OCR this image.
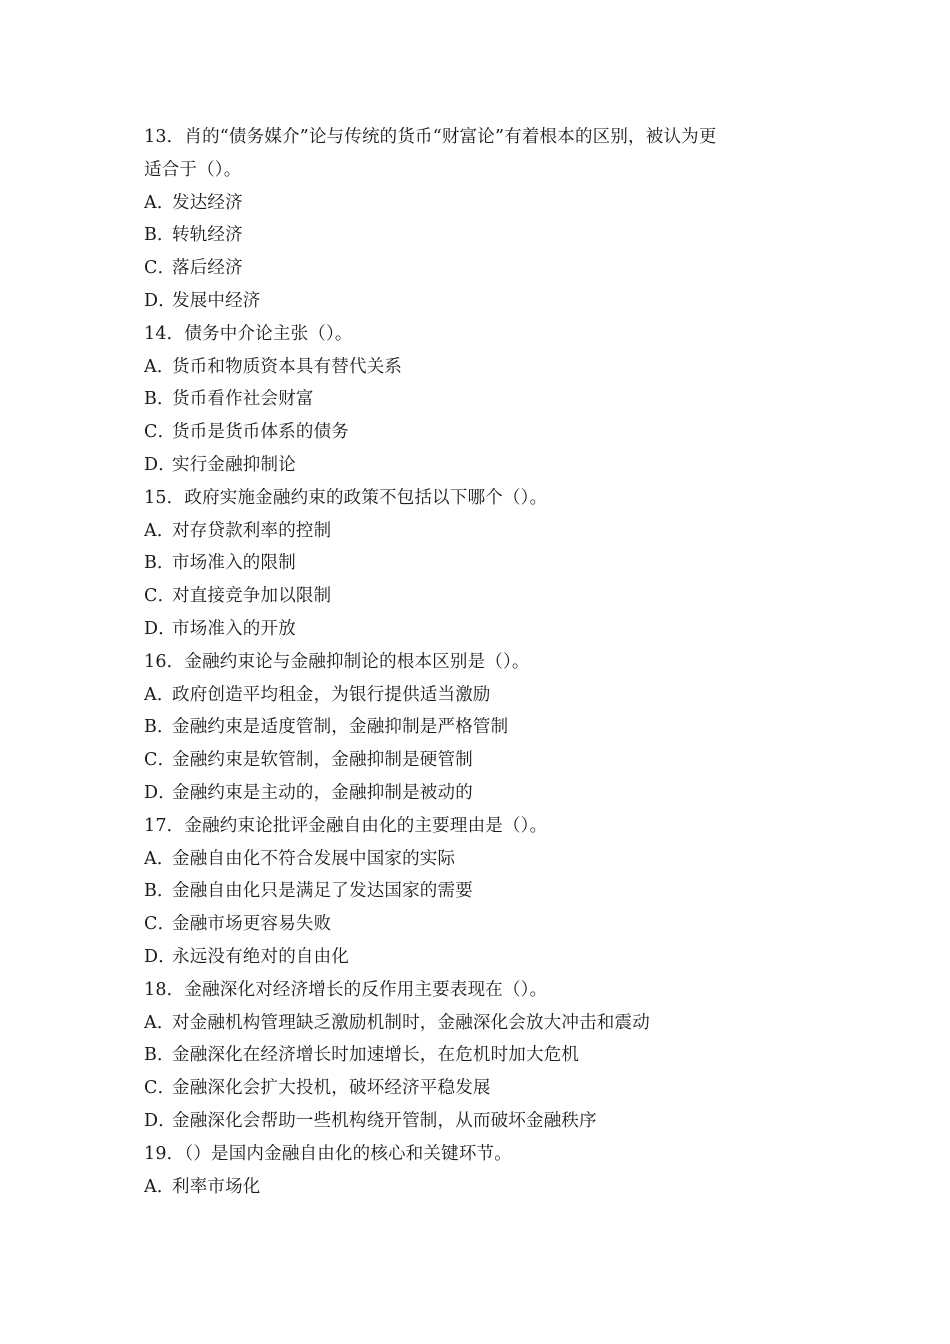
13．肖的“债务媒介”论与传统的货币“财富论”有着根本的区别，被认为更
适合于（）。
A．发达经济
B．转轨经济
C．落后经济
D．发展中经济
14．债务中介论主张（）。
A．货币和物质资本具有替代关系
B．货币看作社会财富
C．货币是货币体系的债务
D．实行金融抑制论
15．政府实施金融约束的政策不包括以下哪个（）。
A．对存贷款利率的控制
B．市场准入的限制
C．对直接竞争加以限制
D．市场准入的开放
16．金融约束论与金融抑制论的根本区别是（）。
A．政府创造平均租金，为银行提供适当激励
B．金融约束是适度管制，金融抑制是严格管制
C．金融约束是软管制，金融抑制是硬管制
D．金融约束是主动的，金融抑制是被动的
17．金融约束论批评金融自由化的主要理由是（）。
A．金融自由化不符合发展中国家的实际
B．金融自由化只是满足了发达国家的需要
C．金融市场更容易失败
D．永远没有绝对的自由化
18．金融深化对经济增长的反作用主要表现在（）。
A．对金融机构管理缺乏激励机制时，金融深化会放大冲击和震动
B．金融深化在经济增长时加速增长，在危机时加大危机
C．金融深化会扩大投机，破坏经济平稳发展
D．金融深化会帮助一些机构绕开管制，从而破坏金融秩序
19．（）是国内金融自由化的核心和关键环节。
A．利率市场化
